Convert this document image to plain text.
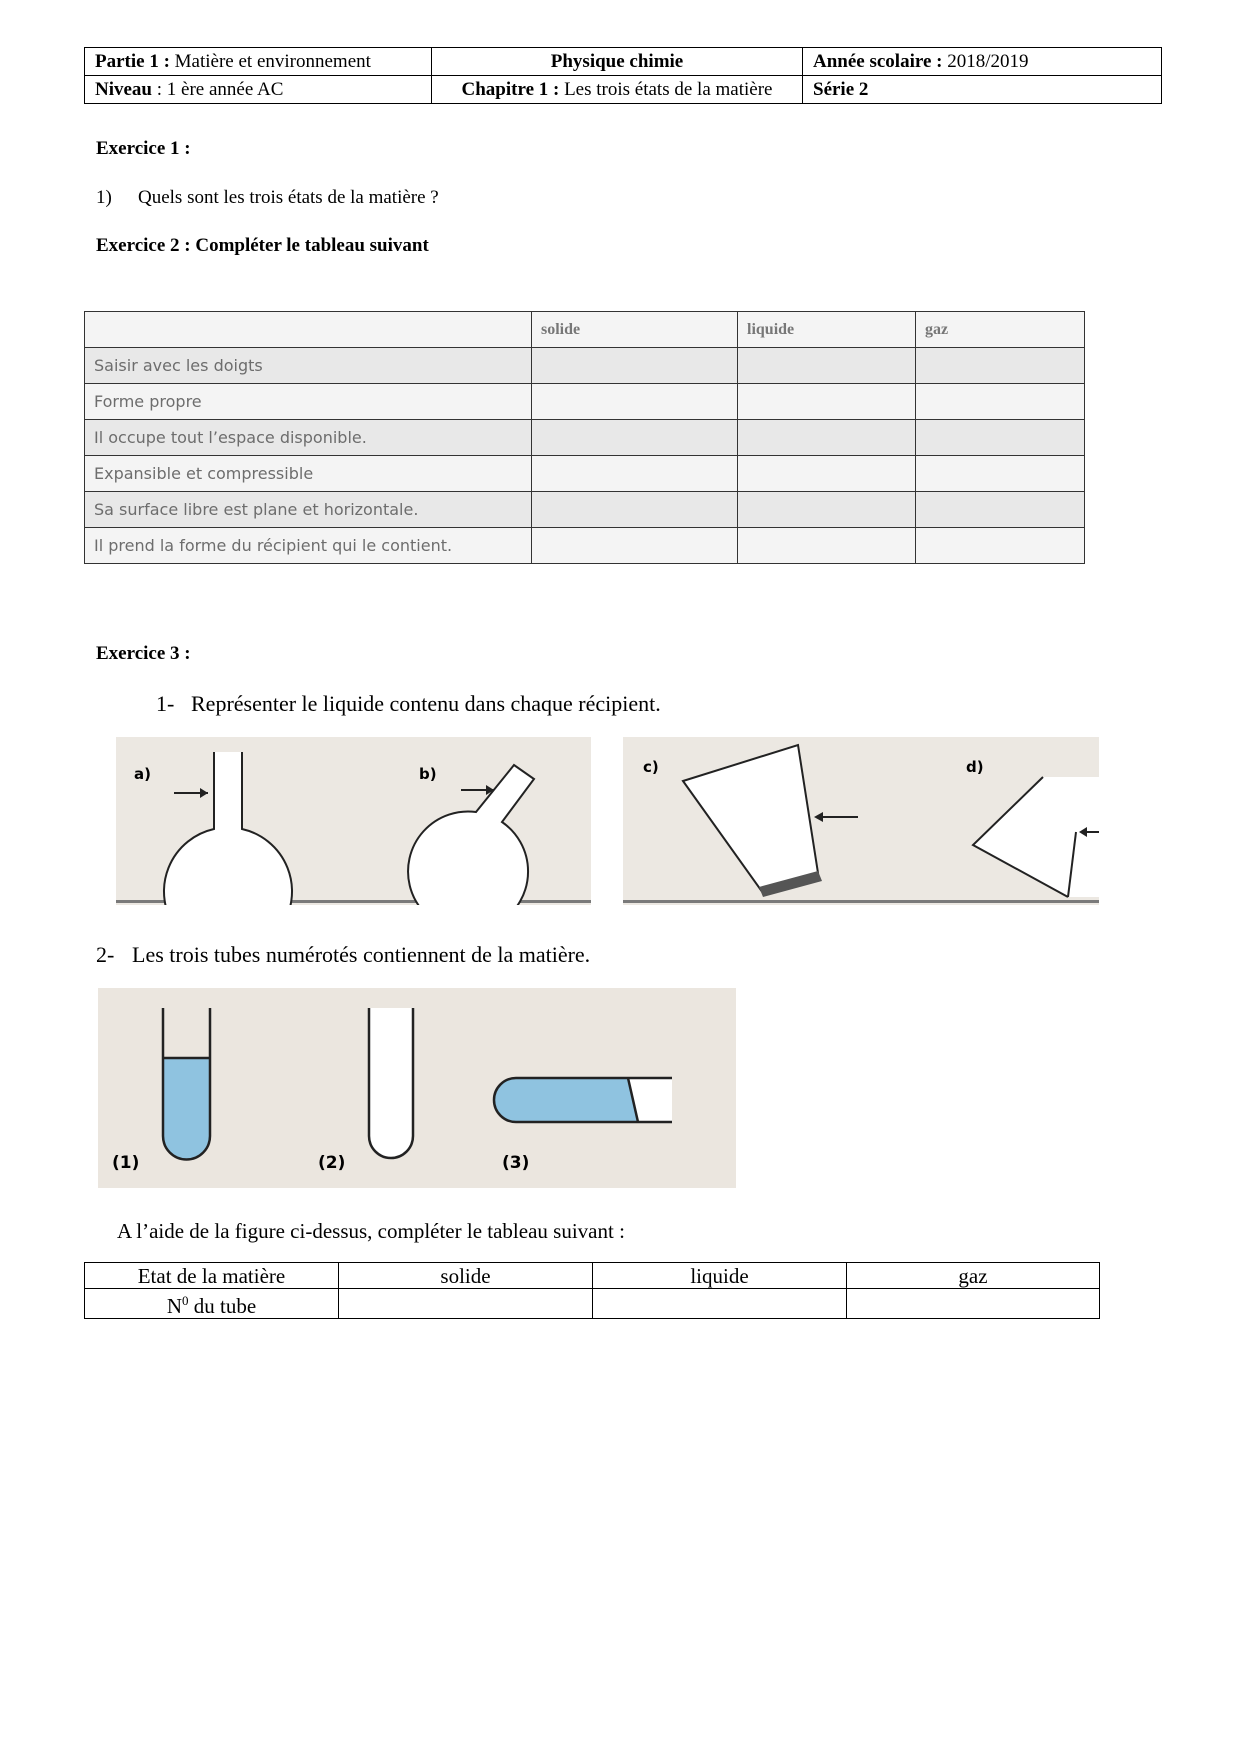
Partie 1 : Matière et environnement	Physique chimie	Année scolaire : 2018/2019
Niveau : 1 ère année AC	Chapitre 1 : Les trois états de la matière	Série 2
Exercice 1 :
1) Quels sont les trois états de la matière ?
Exercice 2 : Compléter le tableau suivant
	solide	liquide	gaz
Saisir avec les doigts			
Forme propre			
Il occupe tout l’espace disponible.			
Expansible et compressible			
Sa surface libre est plane et horizontale.			
Il prend la forme du récipient qui le contient.			
Exercice 3 :
1- Représenter le liquide contenu dans chaque récipient.
a)	b)	c)	d)
2- Les trois tubes numérotés contiennent de la matière.
(1)	(2)	(3)
A l’aide de la figure ci-dessus, compléter le tableau suivant :
Etat de la matière	solide	liquide	gaz
$N^0$ du tube			
